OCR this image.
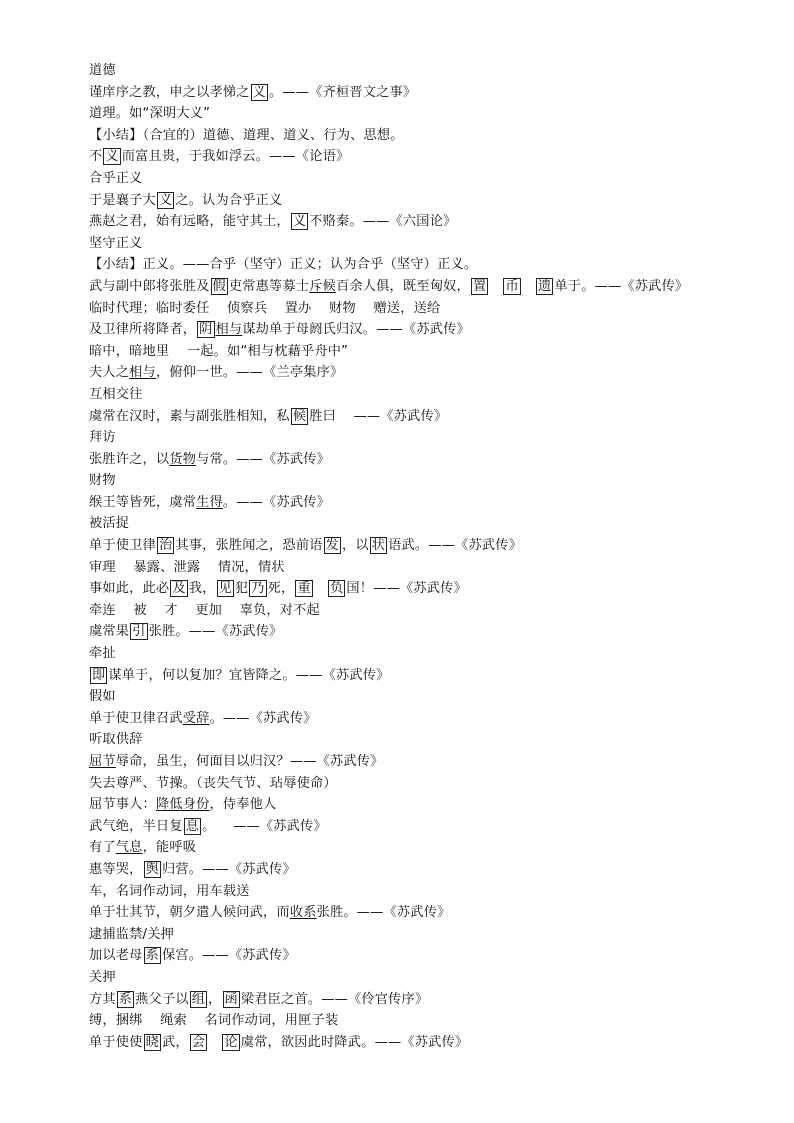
道德
谨庠序之教，申之以孝悌之 义 。——《齐桓晋文之事》
道理。如“深明大义”
【小结】（合宜的）道德、道理、道义、行为、思想。
不 义 而富且贵，于我如浮云。——《论语》
合乎正义
于是襄子大 义 之。认为合乎正义
燕赵之君，始有远略，能守其土， 义 不赂秦。——《六国论》
坚守正义
【小结】正义。——合乎（坚守）正义；认为合乎（坚守）正义。
武与副中郎将张胜及 假 吏常惠等募士斥候百余人俱，既至匈奴， 置 币 遗 单于。——《苏武传》
临时代理；临时委任    侦察兵    置办    财物    赠送，送给
及卫律所将降者， 阴 相与谋劫单于母阏氏归汉。——《苏武传》
暗中，暗地里    一起。如“相与枕藉乎舟中”
夫人之相与，俯仰一世。——《兰亭集序》
互相交往
虞常在汉时，素与副张胜相知，私 候 胜曰    ——《苏武传》
拜访
张胜许之，以货物与常。——《苏武传》
财物
缑王等皆死，虞常生得。——《苏武传》
被活捉
单于使卫律 治 其事，张胜闻之，恐前语 发 ，以 状 语武。——《苏武传》
审理    暴露、泄露    情况，情状
事如此，此必 及 我， 见 犯 乃 死， 重 负 国！——《苏武传》
牵连    被    才    更加    辜负，对不起
虞常果 引 张胜。——《苏武传》
牵扯
即 谋单于，何以复加？宜皆降之。——《苏武传》
假如
单于使卫律召武受辞。——《苏武传》
听取供辞
屈节辱命，虽生，何面目以归汉？——《苏武传》
失去尊严、节操。（丧失气节、玷辱使命）
屈节事人：降低身份，侍奉他人
武气绝，半日复 息 。    ——《苏武传》
有了气息，能呼吸
惠等哭， 舆 归营。——《苏武传》
车，名词作动词，用车载送
单于壮其节，朝夕遣人候问武，而收系张胜。——《苏武传》
逮捕监禁/关押
加以老母 系 保宫。——《苏武传》
关押
方其 系 燕父子以 组 ， 函 梁君臣之首。——《伶官传序》
缚，捆绑    绳索    名词作动词，用匣子装
单于使使 晓 武， 会 论 虞常，欲因此时降武。——《苏武传》
